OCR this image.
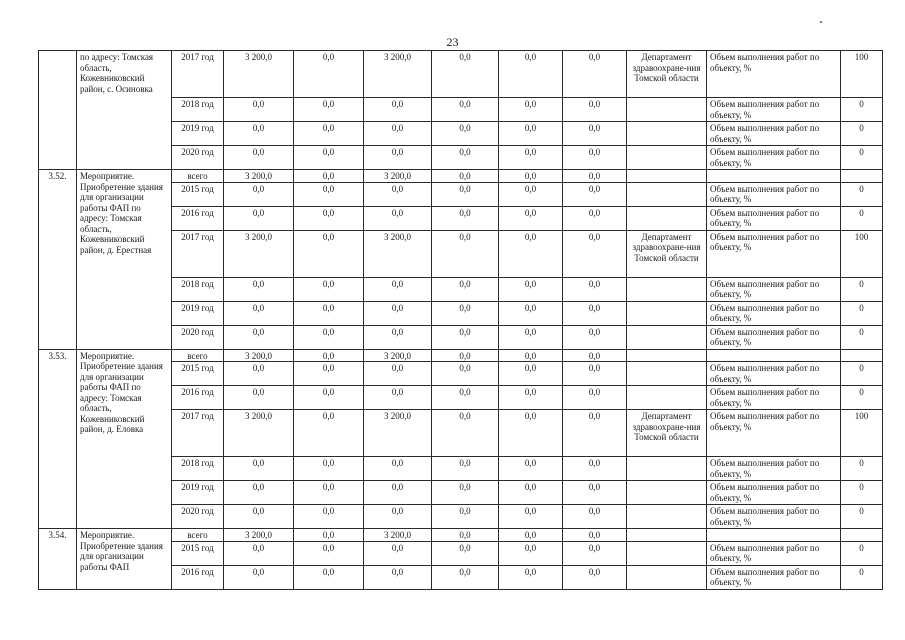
23
	по адресу: Томская область, Кожевниковский район, с. Осиновка	2017 год	3 200,0	0,0	3 200,0	0,0	0,0	0,0	Департамент здравоохране-ния Томской области	Объем выполнения работ по объекту, %	100
		2018 год	0,0	0,0	0,0	0,0	0,0	0,0		Объем выполнения работ по объекту, %	0
		2019 год	0,0	0,0	0,0	0,0	0,0	0,0		Объем выполнения работ по объекту, %	0
		2020 год	0,0	0,0	0,0	0,0	0,0	0,0		Объем выполнения работ по объекту, %	0
3.52.	Мероприятие. Приобретение здания для организации работы ФАП по адресу: Томская область, Кожевниковский район, д. Ерестная	всего	3 200,0	0,0	3 200,0	0,0	0,0	0,0			
		2015 год	0,0	0,0	0,0	0,0	0,0	0,0		Объем выполнения работ по объекту, %	0
		2016 год	0,0	0,0	0,0	0,0	0,0	0,0		Объем выполнения работ по объекту, %	0
		2017 год	3 200,0	0,0	3 200,0	0,0	0,0	0,0	Департамент здравоохране-ния Томской области	Объем выполнения работ по объекту, %	100
		2018 год	0,0	0,0	0,0	0,0	0,0	0,0		Объем выполнения работ по объекту, %	0
		2019 год	0,0	0,0	0,0	0,0	0,0	0,0		Объем выполнения работ по объекту, %	0
		2020 год	0,0	0,0	0,0	0,0	0,0	0,0		Объем выполнения работ по объекту, %	0
3.53.	Мероприятие. Приобретение здания для организации работы ФАП по адресу: Томская область, Кожевниковский район, д. Еловка	всего	3 200,0	0,0	3 200,0	0,0	0,0	0,0			
		2015 год	0,0	0,0	0,0	0,0	0,0	0,0		Объем выполнения работ по объекту, %	0
		2016 год	0,0	0,0	0,0	0,0	0,0	0,0		Объем выполнения работ по объекту, %	0
		2017 год	3 200,0	0,0	3 200,0	0,0	0,0	0,0	Департамент здравоохране-ния Томской области	Объем выполнения работ по объекту, %	100
		2018 год	0,0	0,0	0,0	0,0	0,0	0,0		Объем выполнения работ по объекту, %	0
		2019 год	0,0	0,0	0,0	0,0	0,0	0,0		Объем выполнения работ по объекту, %	0
		2020 год	0,0	0,0	0,0	0,0	0,0	0,0		Объем выполнения работ по объекту, %	0
3.54.	Мероприятие. Приобретение здания для организации работы ФАП	всего	3 200,0	0,0	3 200,0	0,0	0,0	0,0			
		2015 год	0,0	0,0	0,0	0,0	0,0	0,0		Объем выполнения работ по объекту, %	0
		2016 год	0,0	0,0	0,0	0,0	0,0	0,0		Объем выполнения работ по объекту, %	0
